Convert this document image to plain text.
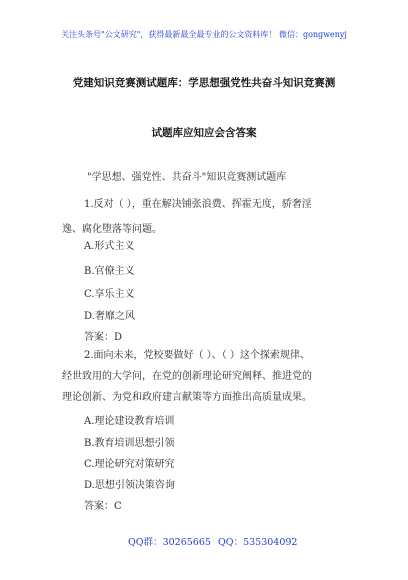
关注头条号"公文研究"，获得最新最全最专业的公文资料库！ 微信：gongwenyj
党建知识竞赛测试题库：学思想强党性共奋斗知识竞赛测
试题库应知应会含答案
"学思想、强党性、共奋斗"知识竞赛测试题库
1.反对（ ），重在解决铺张浪费、挥霍无度，骄奢淫
逸、腐化堕落等问题。
A.形式主义
B.官僚主义
C.享乐主义
D.奢靡之风
答案：D
2.面向未来，党校要做好（ ）、（ ）这个探索规律、
经世致用的大学问，在党的创新理论研究阐释、推进党的
理论创新、为党和政府建言献策等方面推出高质量成果。
A.理论建设教育培训
B.教育培训思想引领
C.理论研究对策研究
D.思想引领决策咨询
答案：C
QQ群：30265665 QQ：535304092
